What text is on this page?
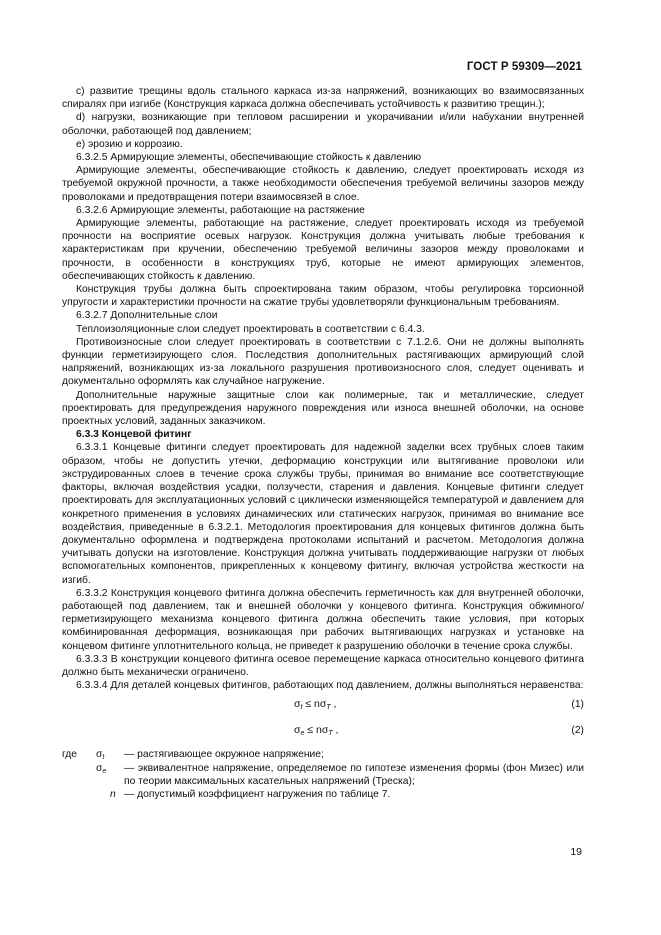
ГОСТ Р 59309—2021

c) развитие трещины вдоль стального каркаса из-за напряжений, возникающих во взаимосвязанных спиралях при изгибе (Конструкция каркаса должна обеспечивать устойчивость к развитию трещин.);

d) нагрузки, возникающие при тепловом расширении и укорачивании и/или набухании внутренней оболочки, работающей под давлением;

e) эрозию и коррозию.

6.3.2.5 Армирующие элементы, обеспечивающие стойкость к давлению

Армирующие элементы, обеспечивающие стойкость к давлению, следует проектировать исходя из требуемой окружной прочности, а также необходимости обеспечения требуемой величины зазоров между проволоками и предотвращения потери взаимосвязей в слое.

6.3.2.6 Армирующие элементы, работающие на растяжение

Армирующие элементы, работающие на растяжение, следует проектировать исходя из требуемой прочности на восприятие осевых нагрузок. Конструкция должна учитывать любые требования к характеристикам при кручении, обеспечению требуемой величины зазоров между проволоками и прочности, в особенности в конструкциях труб, которые не имеют армирующих элементов, обеспечивающих стойкость к давлению.

Конструкция трубы должна быть спроектирована таким образом, чтобы регулировка торсионной упругости и характеристики прочности на сжатие трубы удовлетворяли функциональным требованиям.

6.3.2.7 Дополнительные слои

Теплоизоляционные слои следует проектировать в соответствии с 6.4.3.

Противоизносные слои следует проектировать в соответствии с 7.1.2.6. Они не должны выполнять функции герметизирующего слоя. Последствия дополнительных растягивающих армирующий слой напряжений, возникающих из-за локального разрушения противоизносного слоя, следует оценивать и документально оформлять как случайное нагружение.

Дополнительные наружные защитные слои как полимерные, так и металлические, следует проектировать для предупреждения наружного повреждения или износа внешней оболочки, на основе проектных условий, заданных заказчиком.

6.3.3 Концевой фитинг

6.3.3.1 Концевые фитинги следует проектировать для надежной заделки всех трубных слоев таким образом, чтобы не допустить утечки, деформацию конструкции или вытягивание проволоки или экструдированных слоев в течение срока службы трубы, принимая во внимание все соответствующие факторы, включая воздействия усадки, ползучести, старения и давления. Концевые фитинги следует проектировать для эксплуатационных условий с циклически изменяющейся температурой и давлением для конкретного применения в условиях динамических или статических нагрузок, принимая во внимание все воздействия, приведенные в 6.3.2.1. Методология проектирования для концевых фитингов должна быть документально оформлена и подтверждена протоколами испытаний и расчетом. Методология должна учитывать допуски на изготовление. Конструкция должна учитывать поддерживающие нагрузки от любых вспомогательных компонентов, прикрепленных к концевому фитингу, включая устройства жесткости на изгиб.

6.3.3.2 Конструкция концевого фитинга должна обеспечить герметичность как для внутренней оболочки, работающей под давлением, так и внешней оболочки у концевого фитинга. Конструкция обжимного/герметизирующего механизма концевого фитинга должна обеспечить такие условия, при которых комбинированная деформация, возникающая при рабочих вытягивающих нагрузках и установке на концевом фитинге уплотнительного кольца, не приведет к разрушению оболочки в течение срока службы.

6.3.3.3 В конструкции концевого фитинга осевое перемещение каркаса относительно концевого фитинга должно быть механически ограничено.

6.3.3.4 Для деталей концевых фитингов, работающих под давлением, должны выполняться неравенства:

$\sigma_t \le n\sigma_T$ ,	(1)
$\sigma_e \le n\sigma_T$ ,	(2)
где $\sigma_t$ — растягивающее окружное напряжение;
$\sigma_e$ — эквивалентное напряжение, определяемое по гипотезе изменения формы (фон Мизес) или по теории максимальных касательных напряжений (Треска);
n — допустимый коэффициент нагружения по таблице 7.
19
